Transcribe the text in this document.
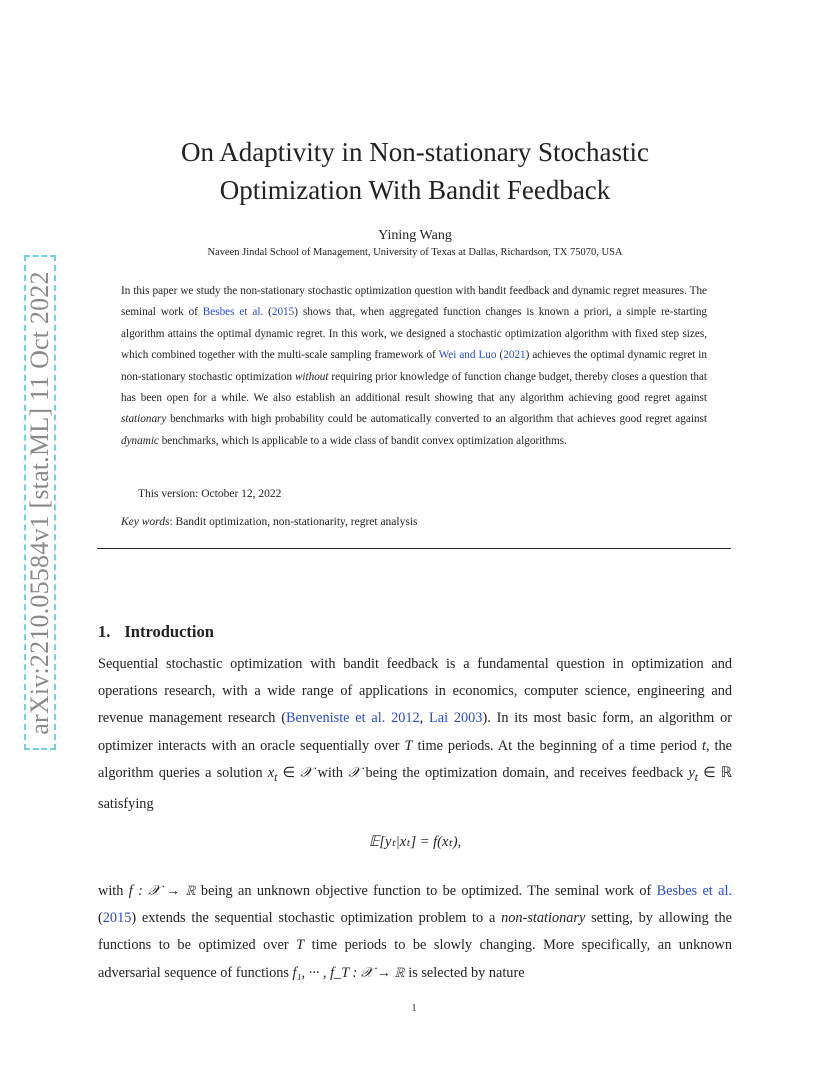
arXiv:2210.05584v1 [stat.ML] 11 Oct 2022
On Adaptivity in Non-stationary Stochastic
Optimization With Bandit Feedback
Yining Wang
Naveen Jindal School of Management, University of Texas at Dallas, Richardson, TX 75070, USA
In this paper we study the non-stationary stochastic optimization question with bandit feedback and dynamic regret measures. The seminal work of Besbes et al. (2015) shows that, when aggregated function changes is known a priori, a simple re-starting algorithm attains the optimal dynamic regret. In this work, we designed a stochastic optimization algorithm with fixed step sizes, which combined together with the multi-scale sampling framework of Wei and Luo (2021) achieves the optimal dynamic regret in non-stationary stochastic optimization without requiring prior knowledge of function change budget, thereby closes a question that has been open for a while. We also establish an additional result showing that any algorithm achieving good regret against stationary benchmarks with high probability could be automatically converted to an algorithm that achieves good regret against dynamic benchmarks, which is applicable to a wide class of bandit convex optimization algorithms.
This version: October 12, 2022
Key words: Bandit optimization, non-stationarity, regret analysis
1. Introduction
Sequential stochastic optimization with bandit feedback is a fundamental question in optimization and operations research, with a wide range of applications in economics, computer science, engineering and revenue management research (Benveniste et al. 2012, Lai 2003). In its most basic form, an algorithm or optimizer interacts with an oracle sequentially over T time periods. At the beginning of a time period t, the algorithm queries a solution $x_t$ ∈ 𝒳 with 𝒳 being the optimization domain, and receives feedback $y_t$ ∈ ℝ satisfying
𝔼[yₜ|xₜ] = f(xₜ),
with f : 𝒳 → ℝ being an unknown objective function to be optimized. The seminal work of Besbes et al. (2015) extends the sequential stochastic optimization problem to a non-stationary setting, by allowing the functions to be optimized over T time periods to be slowly changing. More specifically, an unknown adversarial sequence of functions f₁, ··· , f_T : 𝒳 → ℝ is selected by nature
1
